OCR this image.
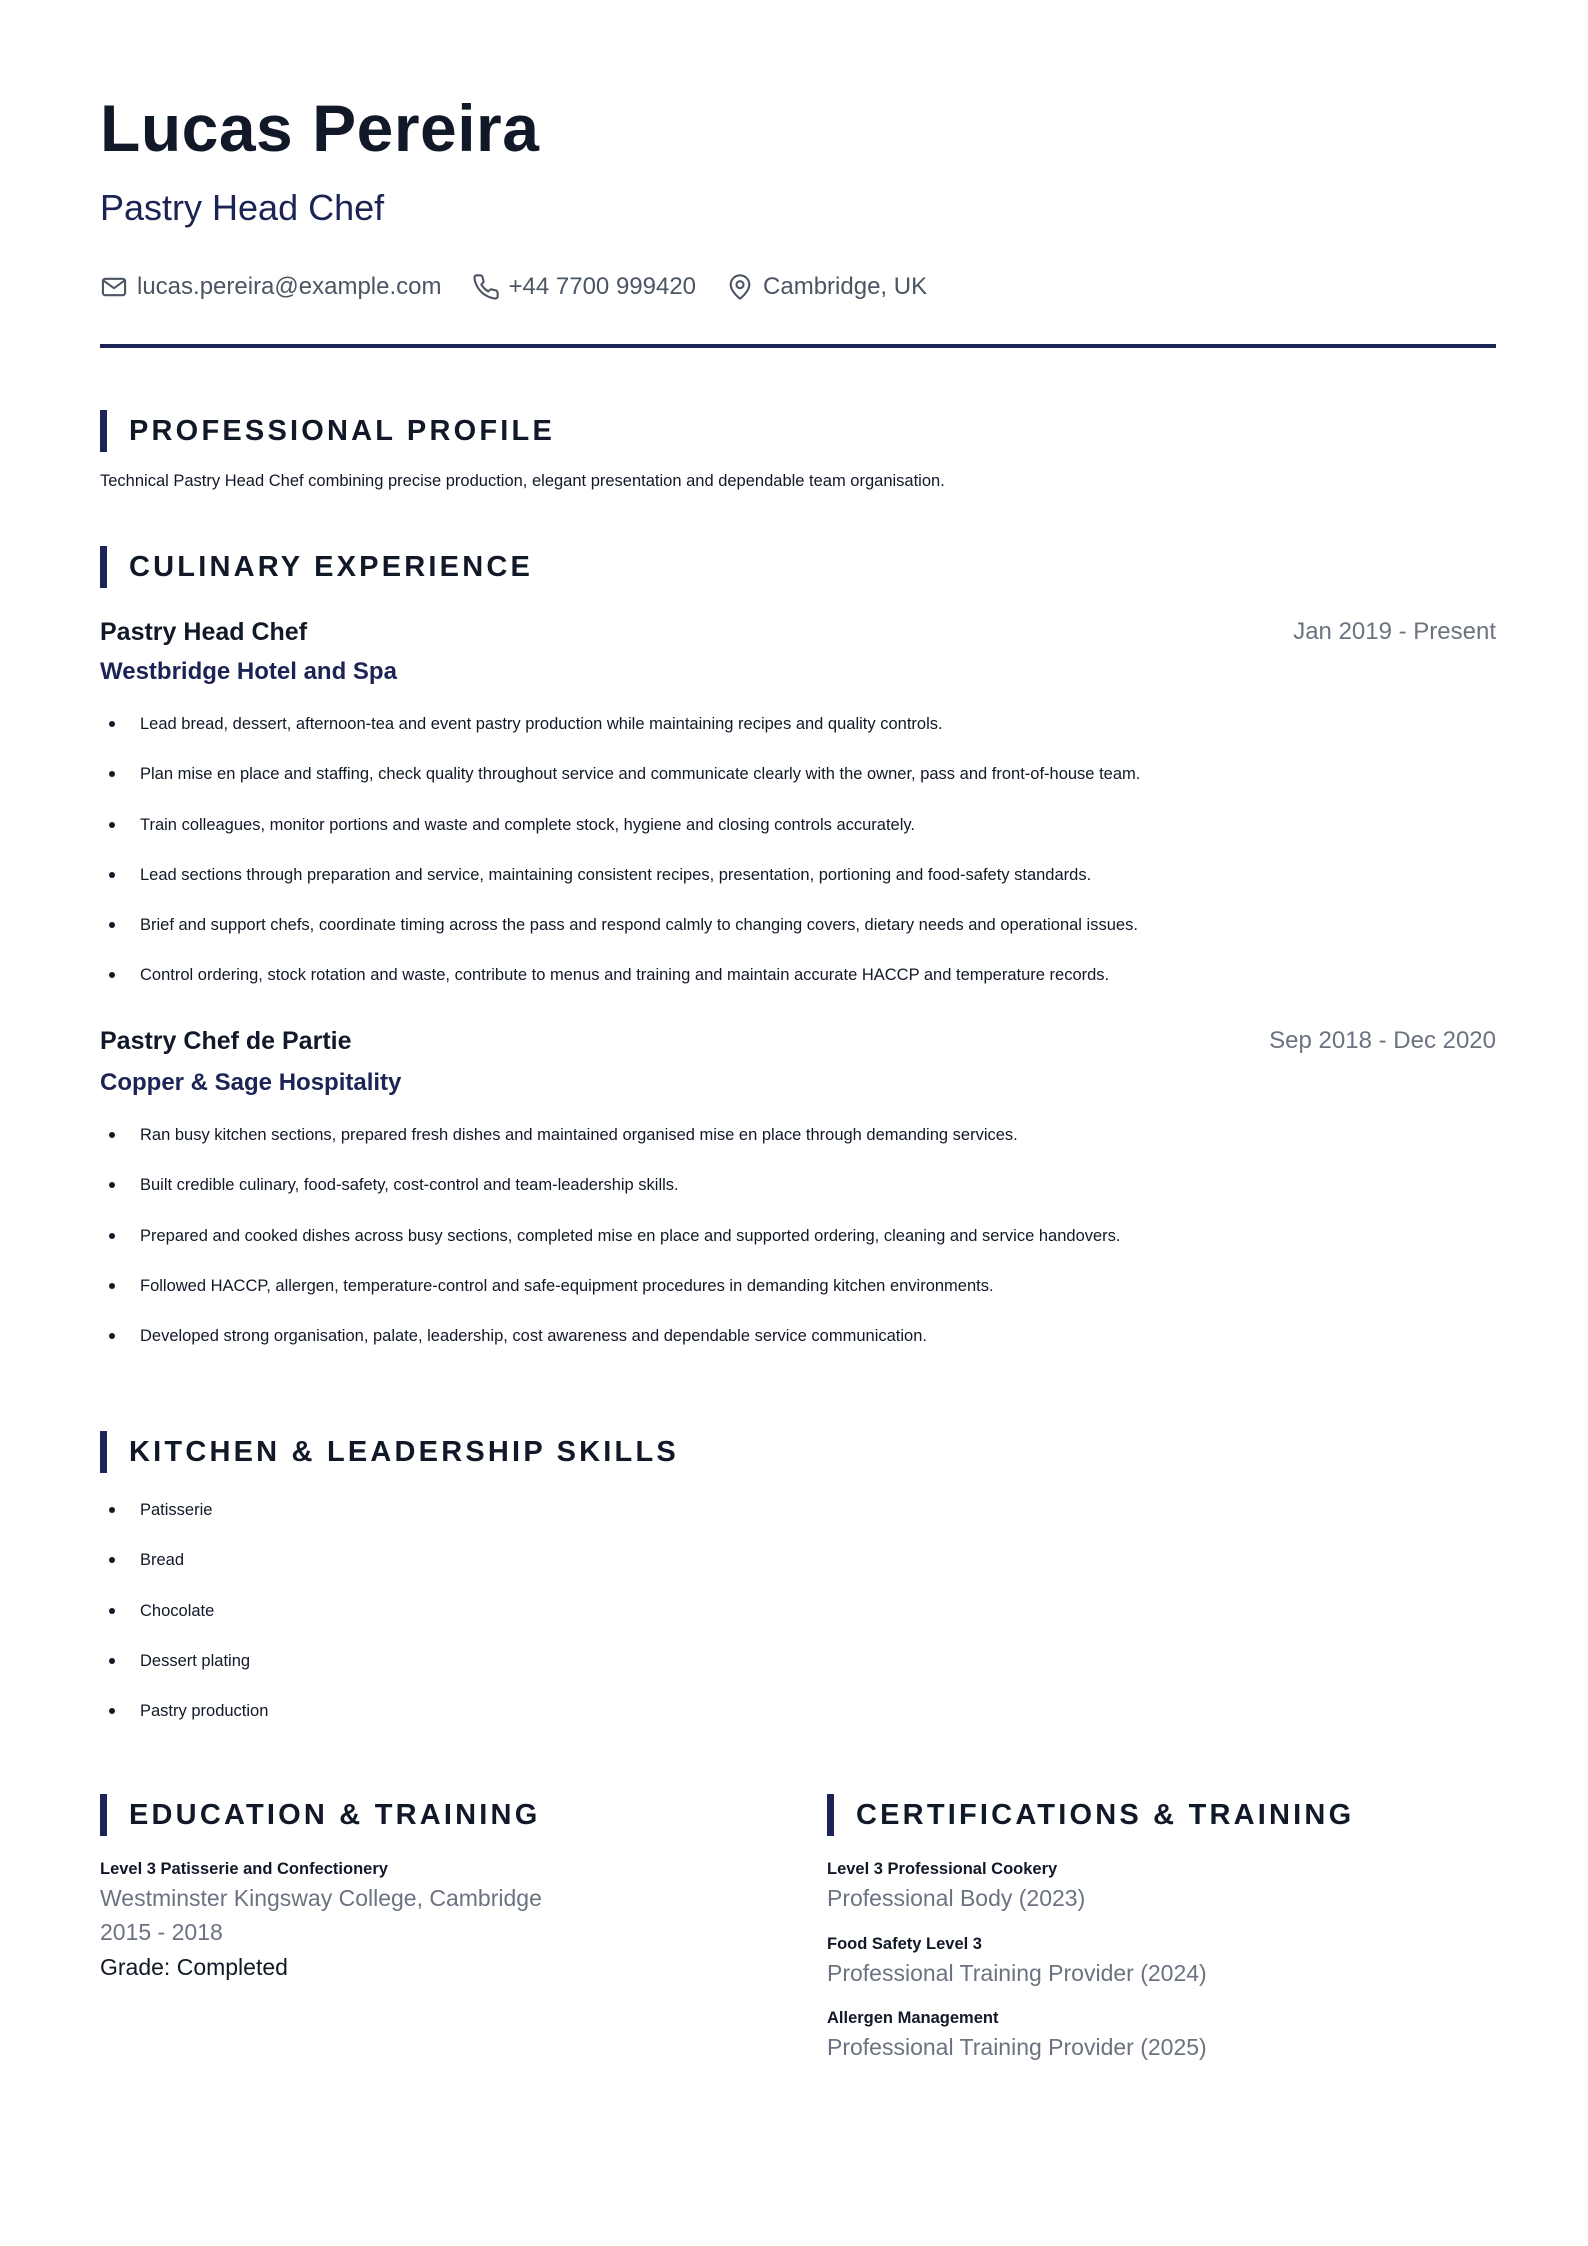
Lucas Pereira
Pastry Head Chef
lucas.pereira@example.com	+44 7700 999420	Cambridge, UK
PROFESSIONAL PROFILE
Technical Pastry Head Chef combining precise production, elegant presentation and dependable team organisation.
CULINARY EXPERIENCE
Pastry Head Chef	Jan 2019 - Present
Westbridge Hotel and Spa
Lead bread, dessert, afternoon-tea and event pastry production while maintaining recipes and quality controls.
Plan mise en place and staffing, check quality throughout service and communicate clearly with the owner, pass and front-of-house team.
Train colleagues, monitor portions and waste and complete stock, hygiene and closing controls accurately.
Lead sections through preparation and service, maintaining consistent recipes, presentation, portioning and food-safety standards.
Brief and support chefs, coordinate timing across the pass and respond calmly to changing covers, dietary needs and operational issues.
Control ordering, stock rotation and waste, contribute to menus and training and maintain accurate HACCP and temperature records.
Pastry Chef de Partie	Sep 2018 - Dec 2020
Copper & Sage Hospitality
Ran busy kitchen sections, prepared fresh dishes and maintained organised mise en place through demanding services.
Built credible culinary, food-safety, cost-control and team-leadership skills.
Prepared and cooked dishes across busy sections, completed mise en place and supported ordering, cleaning and service handovers.
Followed HACCP, allergen, temperature-control and safe-equipment procedures in demanding kitchen environments.
Developed strong organisation, palate, leadership, cost awareness and dependable service communication.
KITCHEN & LEADERSHIP SKILLS
Patisserie
Bread
Chocolate
Dessert plating
Pastry production
EDUCATION & TRAINING
Level 3 Patisserie and Confectionery
Westminster Kingsway College, Cambridge
2015 - 2018
Grade: Completed
CERTIFICATIONS & TRAINING
Level 3 Professional Cookery
Professional Body (2023)
Food Safety Level 3
Professional Training Provider (2024)
Allergen Management
Professional Training Provider (2025)
